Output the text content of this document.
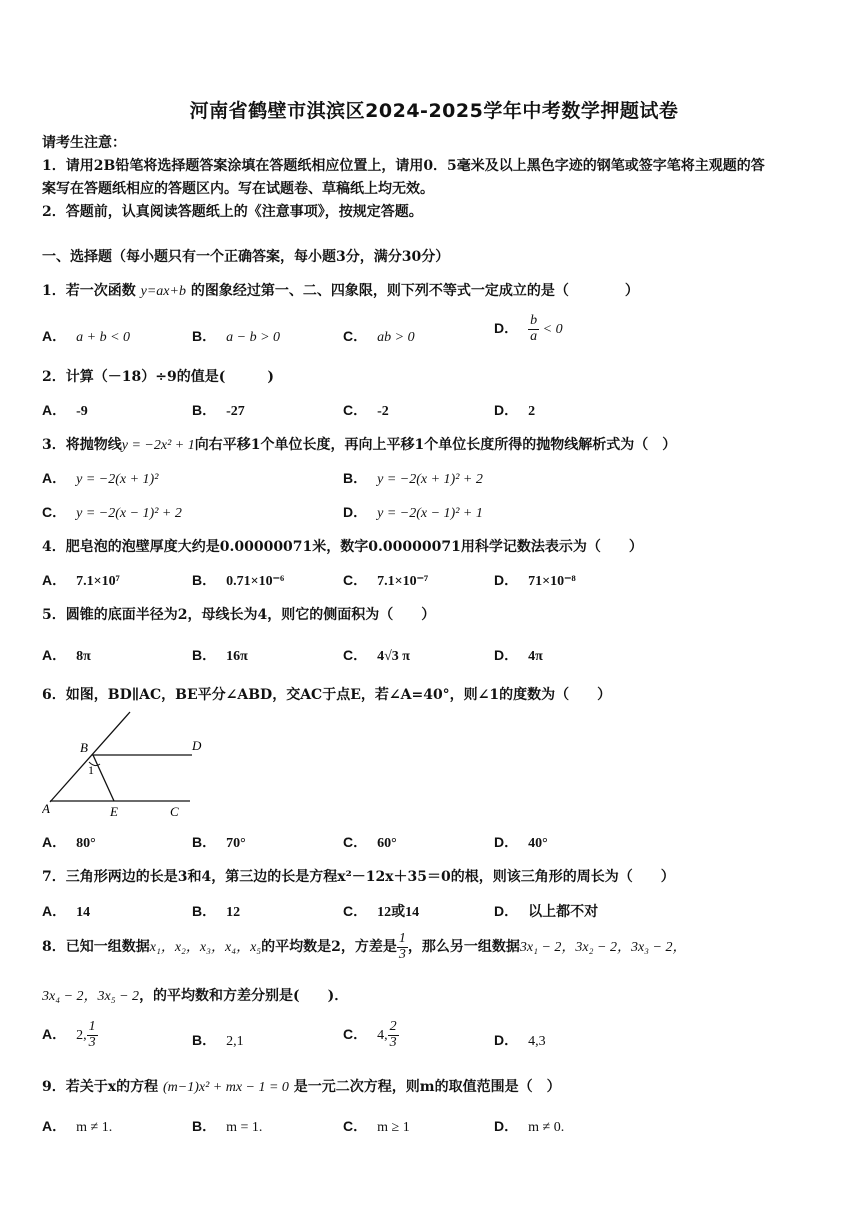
河南省鹤壁市淇滨区2024-2025学年中考数学押题试卷
请考生注意：
1．请用2B铅笔将选择题答案涂填在答题纸相应位置上，请用0．5毫米及以上黑色字迹的钢笔或签字笔将主观题的答
案写在答题纸相应的答题区内。写在试题卷、草稿纸上均无效。
2．答题前，认真阅读答题纸上的《注意事项》，按规定答题。
一、选择题（每小题只有一个正确答案，每小题3分，满分30分）
1．若一次函数 y=ax+b 的图象经过第一、二、四象限，则下列不等式一定成立的是（　　　　）
A． a + b < 0	B． a − b > 0	C． ab > 0
D． $\frac{b}{a} < 0$
2．计算（－18）÷9的值是(　　　)
A． -9	B． -27	C． -2	D． 2
3．将抛物线y = −2x² + 1向右平移1个单位长度，再向上平移1个单位长度所得的抛物线解析式为（　）
A． y = −2(x + 1)²	B． y = −2(x + 1)² + 2
C． y = −2(x − 1)² + 2	D． y = −2(x − 1)² + 1
4．肥皂泡的泡壁厚度大约是0.00000071米，数字0.00000071用科学记数法表示为（　　）
A． 7.1×10⁷	B． 0.71×10⁻⁶	C． 7.1×10⁻⁷	D． 71×10⁻⁸
5．圆锥的底面半径为2，母线长为4，则它的侧面积为（　　）
A． 8π	B． 16π	C． 4√3 π	D． 4π
6．如图，BD∥AC，BE平分∠ABD，交AC于点E，若∠A=40°，则∠1的度数为（　　）
B	D
1
A	E	C
A． 80°	B． 70°	C． 60°	D． 40°
7．三角形两边的长是3和4，第三边的长是方程x²－12x＋35＝0的根，则该三角形的周长为（　　）
A． 14	B． 12	C． 12或14	D． 以上都不对
8．已知一组数据x₁，x₂，x₃，x₄，x₅的平均数是2，方差是 $\frac{1}{3}$ ，那么另一组数据3x₁ − 2，3x₂ − 2，3x₃ − 2，
3x₄ − 2，3x₅ − 2，的平均数和方差分别是(　　)．
A． 2, $\frac{1}{3}$	B． 2,1	C． 4, $\frac{2}{3}$	D． 4,3
9．若关于x的方程 (m−1)x² + mx − 1 = 0 是一元二次方程，则m的取值范围是（　）
A． m ≠ 1.	B． m = 1.	C． m ≥ 1	D． m ≠ 0.
